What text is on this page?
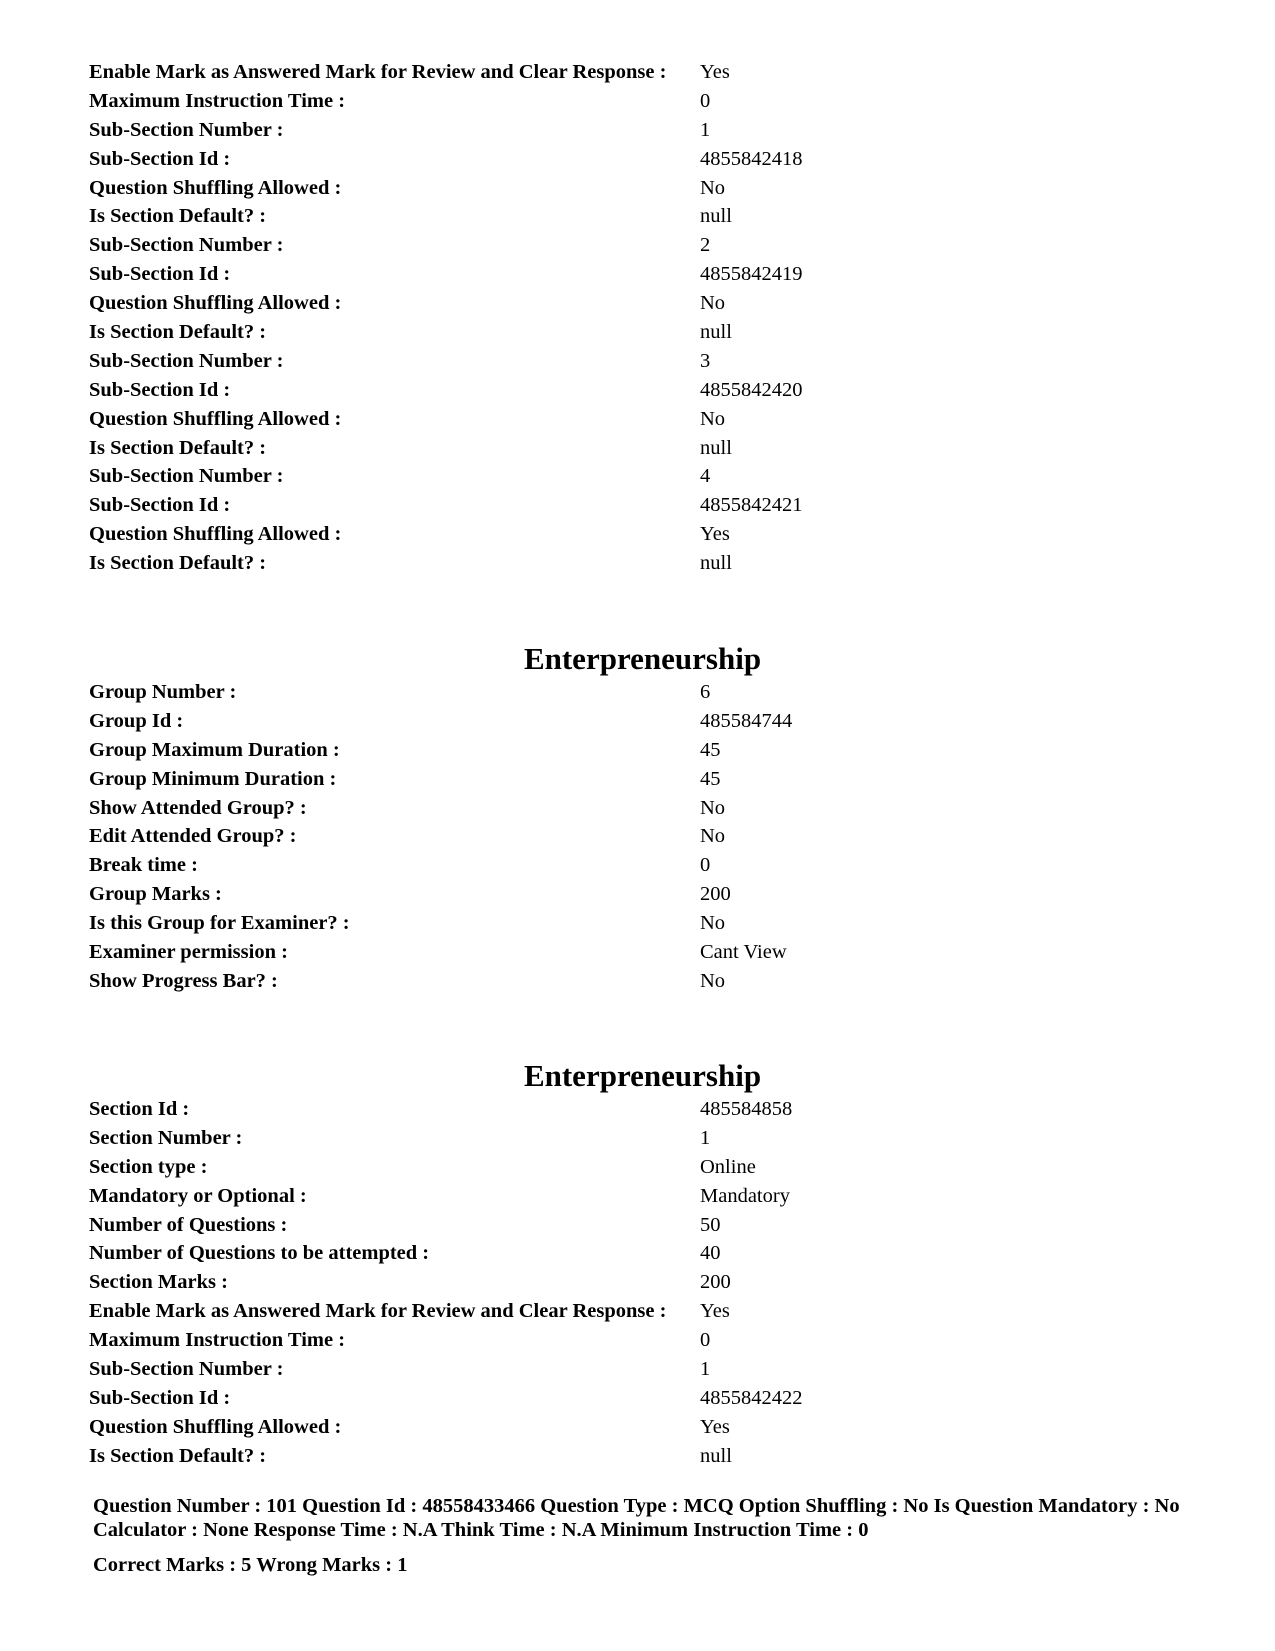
Enable Mark as Answered Mark for Review and Clear Response :	Yes
Maximum Instruction Time :	0
Sub-Section Number :	1
Sub-Section Id :	4855842418
Question Shuffling Allowed :	No
Is Section Default? :	null
Sub-Section Number :	2
Sub-Section Id :	4855842419
Question Shuffling Allowed :	No
Is Section Default? :	null
Sub-Section Number :	3
Sub-Section Id :	4855842420
Question Shuffling Allowed :	No
Is Section Default? :	null
Sub-Section Number :	4
Sub-Section Id :	4855842421
Question Shuffling Allowed :	Yes
Is Section Default? :	null
Enterpreneurship
Group Number :	6
Group Id :	485584744
Group Maximum Duration :	45
Group Minimum Duration :	45
Show Attended Group? :	No
Edit Attended Group? :	No
Break time :	0
Group Marks :	200
Is this Group for Examiner? :	No
Examiner permission :	Cant View
Show Progress Bar? :	No
Enterpreneurship
Section Id :	485584858
Section Number :	1
Section type :	Online
Mandatory or Optional :	Mandatory
Number of Questions :	50
Number of Questions to be attempted :	40
Section Marks :	200
Enable Mark as Answered Mark for Review and Clear Response :	Yes
Maximum Instruction Time :	0
Sub-Section Number :	1
Sub-Section Id :	4855842422
Question Shuffling Allowed :	Yes
Is Section Default? :	null

Question Number : 101 Question Id : 48558433466 Question Type : MCQ Option Shuffling : No Is Question Mandatory : No Calculator : None Response Time : N.A Think Time : N.A Minimum Instruction Time : 0

Correct Marks : 5 Wrong Marks : 1
